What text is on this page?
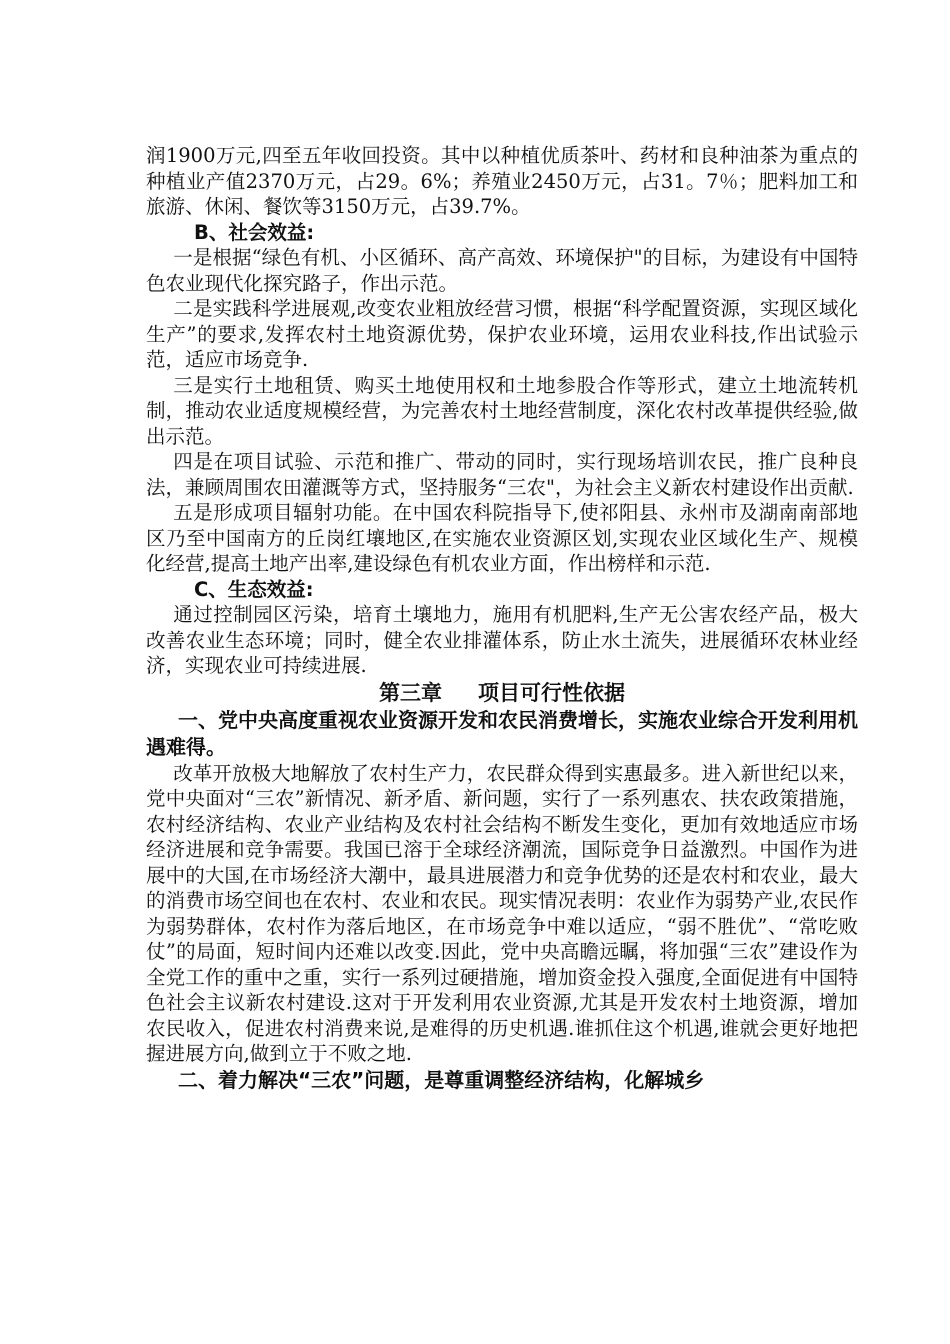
润1900万元,四至五年收回投资。其中以种植优质茶叶、药材和良种油茶为重点的种植业产值2370万元，占29。6%；养殖业2450万元，占31。7％；肥料加工和旅游、休闲、餐饮等3150万元，占39.7%。

B、社会效益:

一是根据“绿色有机、小区循环、高产高效、环境保护"的目标，为建设有中国特色农业现代化探究路子，作出示范。

二是实践科学进展观,改变农业粗放经营习惯，根据“科学配置资源，实现区域化生产”的要求,发挥农村土地资源优势，保护农业环境，运用农业科技,作出试验示范，适应市场竞争.

三是实行土地租赁、购买土地使用权和土地参股合作等形式，建立土地流转机制，推动农业适度规模经营，为完善农村土地经营制度，深化农村改革提供经验,做出示范。

四是在项目试验、示范和推广、带动的同时，实行现场培训农民，推广良种良法，兼顾周围农田灌溉等方式，坚持服务“三农"，为社会主义新农村建设作出贡献.

五是形成项目辐射功能。在中国农科院指导下,使祁阳县、永州市及湖南南部地区乃至中国南方的丘岗红壤地区,在实施农业资源区划,实现农业区域化生产、规模化经营,提高土地产出率,建设绿色有机农业方面，作出榜样和示范.

C、生态效益:

通过控制园区污染，培育土壤地力，施用有机肥料,生产无公害农经产品，极大改善农业生态环境；同时，健全农业排灌体系，防止水土流失，进展循环农林业经济，实现农业可持续进展.

第三章 项目可行性依据

一、党中央高度重视农业资源开发和农民消费增长，实施农业综合开发利用机遇难得。

改革开放极大地解放了农村生产力，农民群众得到实惠最多。进入新世纪以来，党中央面对“三农”新情况、新矛盾、新问题，实行了一系列惠农、扶农政策措施，农村经济结构、农业产业结构及农村社会结构不断发生变化，更加有效地适应市场经济进展和竞争需要。我国已溶于全球经济潮流，国际竞争日益激烈。中国作为进展中的大国,在市场经济大潮中，最具进展潜力和竞争优势的还是农村和农业，最大的消费市场空间也在农村、农业和农民。现实情况表明：农业作为弱势产业,农民作为弱势群体，农村作为落后地区，在市场竞争中难以适应，“弱不胜优”、“常吃败仗”的局面，短时间内还难以改变.因此，党中央高瞻远瞩，将加强“三农”建设作为全党工作的重中之重，实行一系列过硬措施，增加资金投入强度,全面促进有中国特色社会主议新农村建设.这对于开发利用农业资源,尤其是开发农村土地资源，增加农民收入，促进农村消费来说,是难得的历史机遇.谁抓住这个机遇,谁就会更好地把握进展方向,做到立于不败之地.

二、着力解决“三农”问题，是尊重调整经济结构，化解城乡
